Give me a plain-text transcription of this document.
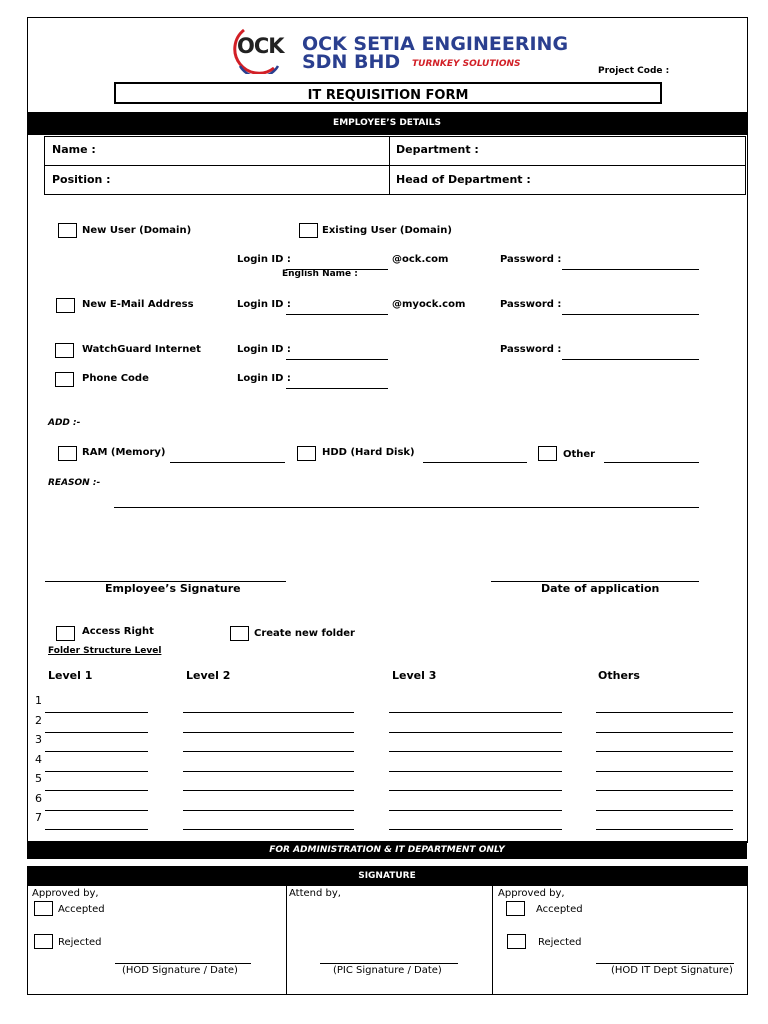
OCK OCK SETIA ENGINEERING
SDN BHD TURNKEY SOLUTIONS
Project Code :
IT REQUISITION FORM
EMPLOYEE’S DETAILS
Name :	Department :
Position :	Head of Department :
New User (Domain)	Existing User (Domain)
Login ID :	@ock.com	Password :
English Name :
New E-Mail Address	Login ID :	@myock.com	Password :
WatchGuard Internet	Login ID :	Password :
Phone Code	Login ID :
ADD :-
RAM (Memory)	HDD (Hard Disk)	Other
REASON :-
Employee’s Signature	Date of application
Access Right	Create new folder
Folder Structure Level
Level 1	Level 2	Level 3	Others
1
2
3
4
5
6
7
FOR ADMINISTRATION & IT DEPARTMENT ONLY
SIGNATURE
Approved by,
Accepted
Rejected
(HOD Signature / Date)
Attend by,
(PIC Signature / Date)
Approved by,
Accepted
Rejected
(HOD IT Dept Signature)
